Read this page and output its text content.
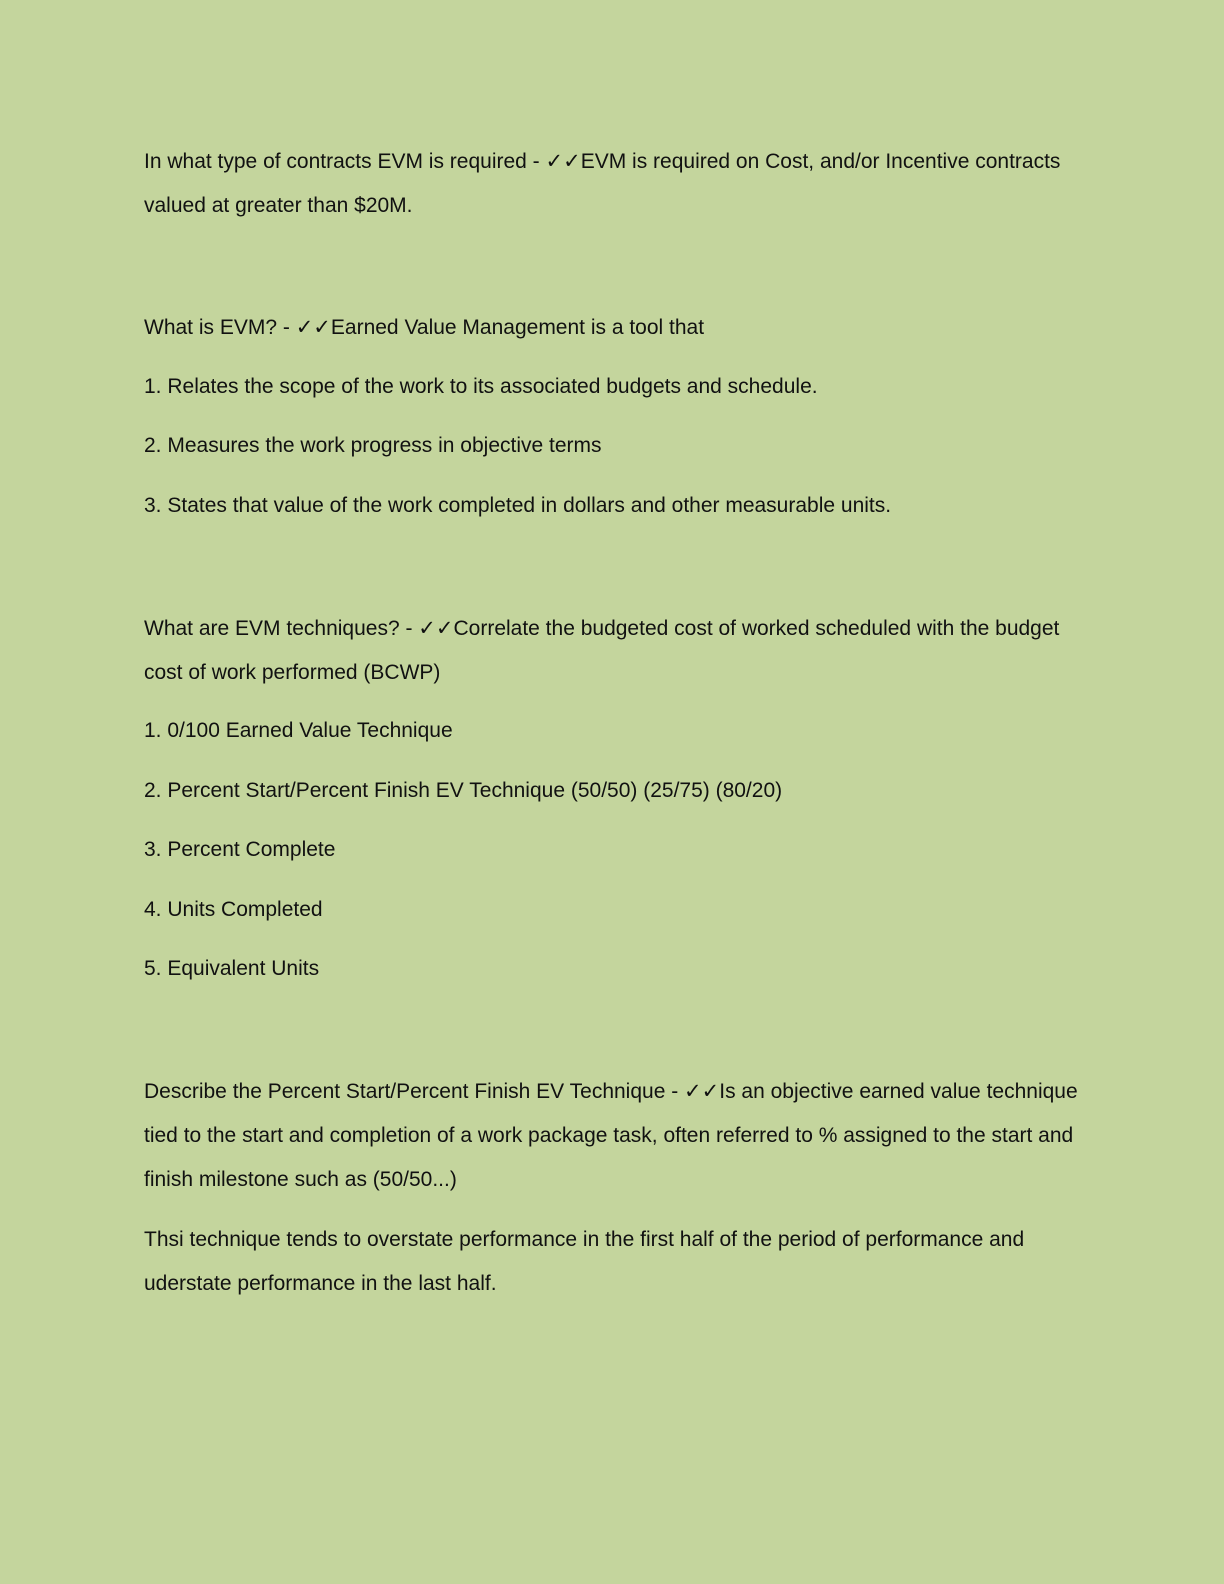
In what type of contracts EVM is required - ✓✓EVM is required on Cost, and/or Incentive contracts valued at greater than $20M.

What is EVM? - ✓✓Earned Value Management is a tool that

1. Relates the scope of the work to its associated budgets and schedule.
2. Measures the work progress in objective terms
3. States that value of the work completed in dollars and other measurable units.

What are EVM techniques? - ✓✓Correlate the budgeted cost of worked scheduled with the budget cost of work performed (BCWP)

1. 0/100 Earned Value Technique
2. Percent Start/Percent Finish EV Technique (50/50) (25/75) (80/20)
3. Percent Complete
4. Units Completed
5. Equivalent Units

Describe the Percent Start/Percent Finish EV Technique - ✓✓Is an objective earned value technique tied to the start and completion of a work package task, often referred to % assigned to the start and finish milestone such as (50/50...)

Thsi technique tends to overstate performance in the first half of the period of performance and uderstate performance in the last half.
